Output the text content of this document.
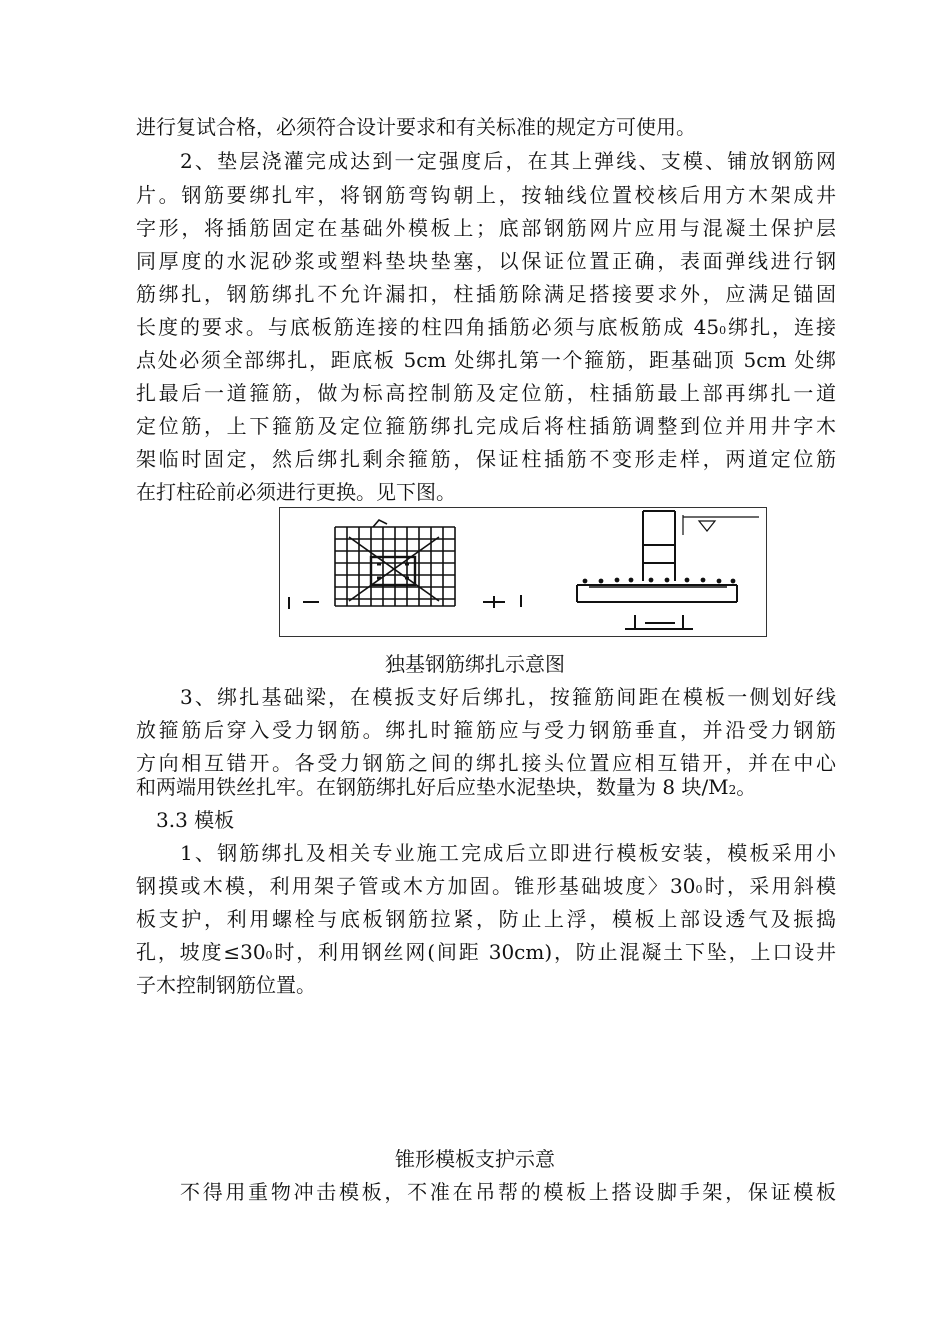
进行复试合格，必须符合设计要求和有关标准的规定方可使用。
2、垫层浇灌完成达到一定强度后，在其上弹线、支模、铺放钢筋网
片。钢筋要绑扎牢，将钢筋弯钩朝上，按轴线位置校核后用方木架成井
字形，将插筋固定在基础外模板上；底部钢筋网片应用与混凝土保护层
同厚度的水泥砂浆或塑料垫块垫塞，以保证位置正确，表面弹线进行钢
筋绑扎，钢筋绑扎不允许漏扣，柱插筋除满足搭接要求外，应满足锚固
长度的要求。与底板筋连接的柱四角插筋必须与底板筋成 450绑扎，连接
点处必须全部绑扎，距底板 5cm 处绑扎第一个箍筋，距基础顶 5cm 处绑
扎最后一道箍筋，做为标高控制筋及定位筋，柱插筋最上部再绑扎一道
定位筋，上下箍筋及定位箍筋绑扎完成后将柱插筋调整到位并用井字木
架临时固定，然后绑扎剩余箍筋，保证柱插筋不变形走样，两道定位筋
在打柱砼前必须进行更换。见下图。
独基钢筋绑扎示意图
3、绑扎基础梁，在模扳支好后绑扎，按箍筋间距在模板一侧划好线
放箍筋后穿入受力钢筋。绑扎时箍筋应与受力钢筋垂直，并沿受力钢筋
方向相互错开。各受力钢筋之间的绑扎接头位置应相互错开，并在中心
和两端用铁丝扎牢。在钢筋绑扎好后应垫水泥垫块，数量为 8 块/M2。
3.3 模板
1、钢筋绑扎及相关专业施工完成后立即进行模板安装，模板采用小
钢摸或木模，利用架子管或木方加固。锥形基础坡度〉300时，采用斜模
板支护，利用螺栓与底板钢筋拉紧，防止上浮，模板上部设透气及振捣
孔，坡度≤300时，利用钢丝网(间距 30cm)，防止混凝土下坠，上口设井
子木控制钢筋位置。
锥形模板支护示意
不得用重物冲击模板，不准在吊帮的模板上搭设脚手架，保证模板
